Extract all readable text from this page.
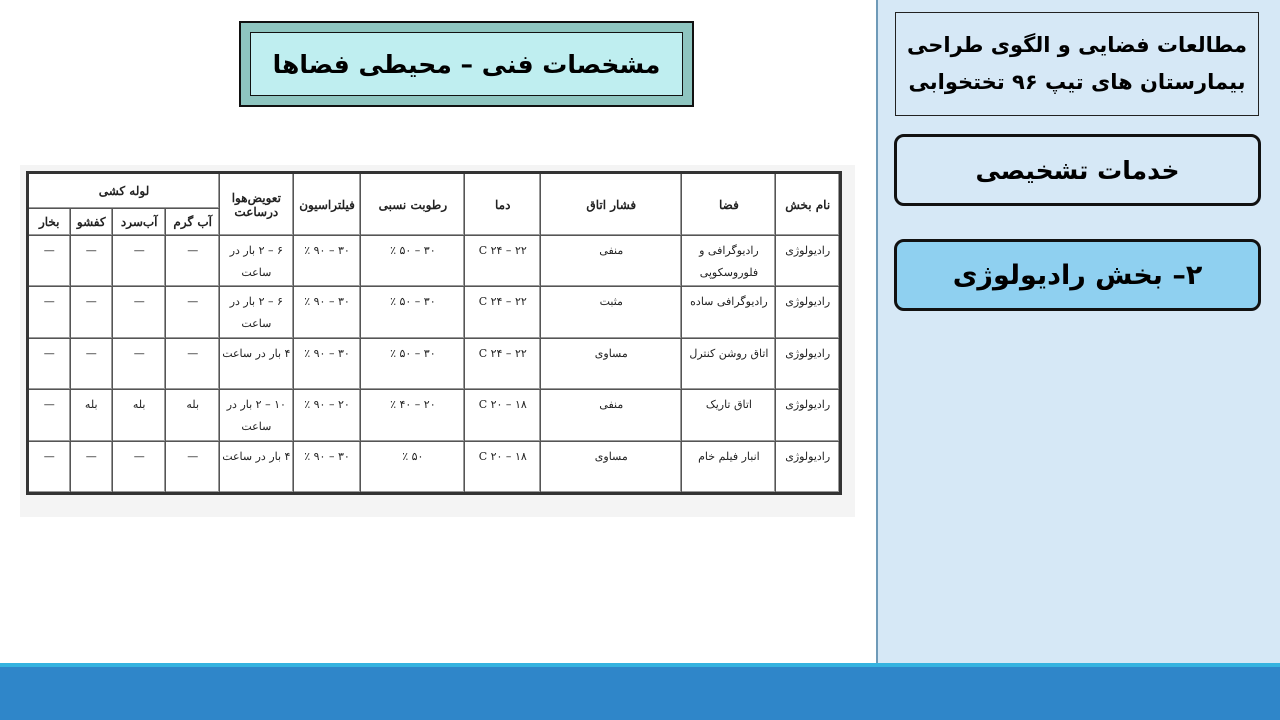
مطالعات فضایی و الگوی طراحی
بیمارستان های تیپ ۹۶ تختخوابی
خدمات تشخیصی
۲– بخش رادیولوژی
مشخصات فنی – محیطی فضاها
نام بخش	فضا	فشار اتاق	دما	رطوبت نسبی	فیلتراسیون	تعویض‌هوا
درساعت	لوله کشی			
							آب گرم	آب‌سرد	کفشو	بخار
رادیولوژی	رادیوگرافی و فلوروسکوپی	منفی	۲۲ – ۲۴ C	۳۰ – ۵۰ ٪	۳۰ – ۹۰ ٪	۶ – ۲ بار در ساعت	—	—	—	—
رادیولوژی	رادیوگرافی ساده	مثبت	۲۲ – ۲۴ C	۳۰ – ۵۰ ٪	۳۰ – ۹۰ ٪	۶ – ۲ بار در ساعت	—	—	—	—
رادیولوژی	اتاق روشن کنترل	مساوی	۲۲ – ۲۴ C	۳۰ – ۵۰ ٪	۳۰ – ۹۰ ٪	۴ بار در ساعت	—	—	—	—
رادیولوژی	اتاق تاریک	منفی	۱۸ – ۲۰ C	۲۰ – ۴۰ ٪	۲۰ – ۹۰ ٪	۱۰ – ۲ بار در ساعت	بله	بله	بله	—
رادیولوژی	انبار فیلم خام	مساوی	۱۸ – ۲۰ C	۵۰ ٪	۳۰ – ۹۰ ٪	۴ بار در ساعت	—	—	—	—
